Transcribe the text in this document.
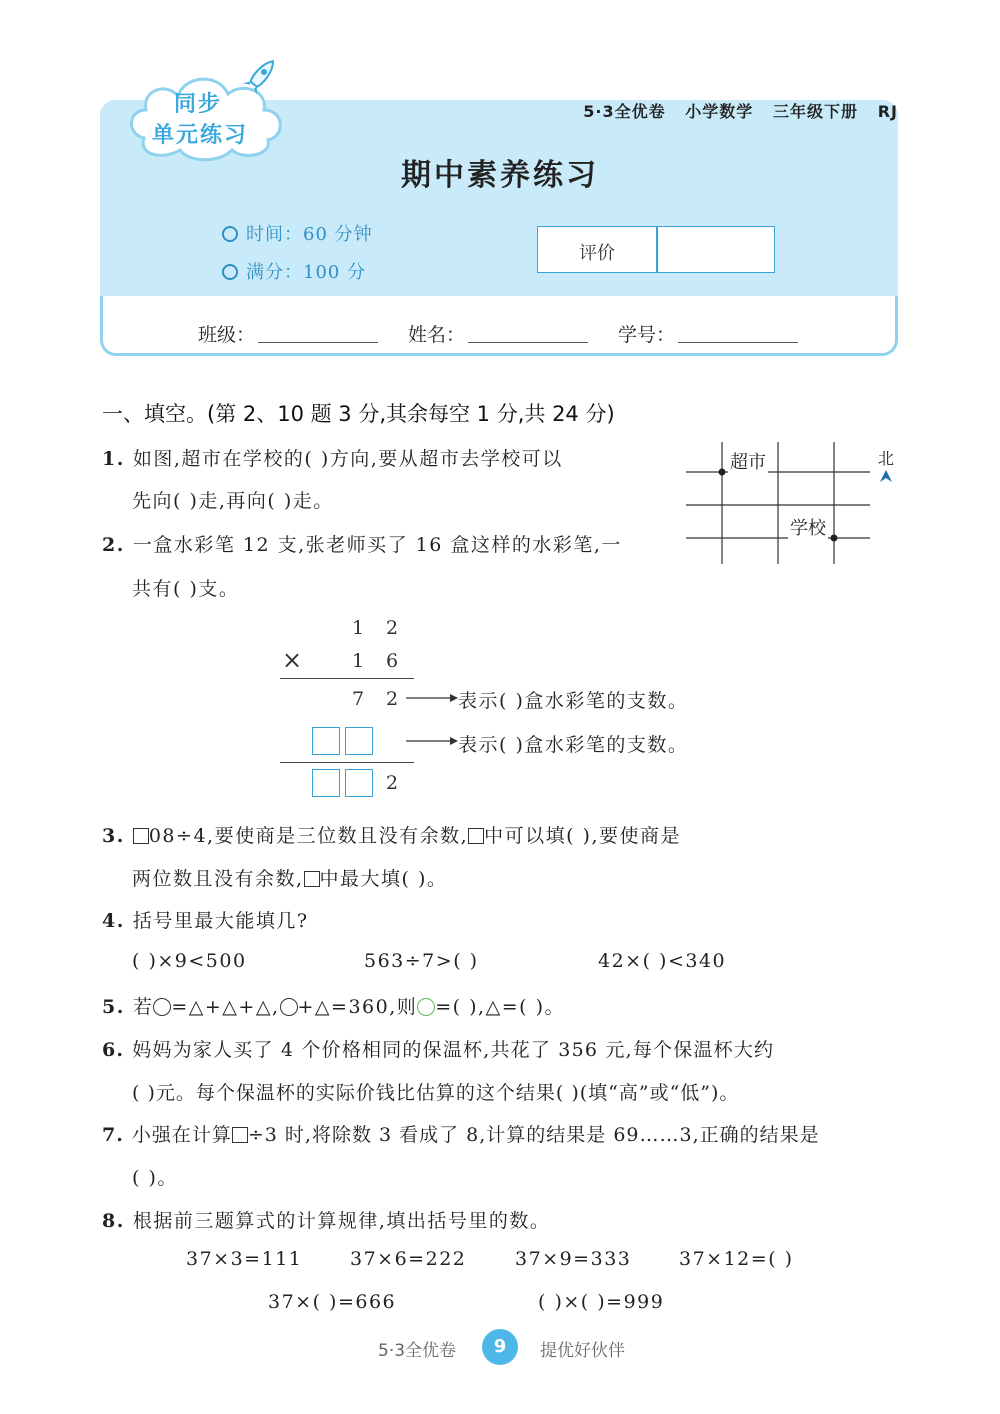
同步
单元练习
5·3全优卷   小学数学   三年级下册   RJ
期中素养练习
时间：60 分钟
满分：100 分
评价
班级：	姓名：	学号：
一、填空。(第 2、10 题 3 分,其余每空 1 分,共 24 分)
1. 如图,超市在学校的( )方向,要从超市去学校可以
先向( )走,再向( )走。
超市
学校
北
2. 一盒水彩笔 12 支,张老师买了 16 盒这样的水彩笔,一
共有( )支。
1 2
×	1 6
7 2	表示( )盒水彩笔的支数。
表示( )盒水彩笔的支数。
2
3. 08÷4,要使商是三位数且没有余数, 中可以填( ),要使商是
两位数且没有余数, 中最大填( )。
4. 括号里最大能填几?
( )×9<500	563÷7>( )	42×( )<340
5. 若 =△+△+△, +△=360,则 =( ),△=( )。
6. 妈妈为家人买了 4 个价格相同的保温杯,共花了 356 元,每个保温杯大约
( )元。每个保温杯的实际价钱比估算的这个结果( )(填“高”或“低”)。
7. 小强在计算 ÷3 时,将除数 3 看成了 8,计算的结果是 69……3,正确的结果是
( )。
8. 根据前三题算式的计算规律,填出括号里的数。
37×3=111	37×6=222	37×9=333	37×12=( )
37×( )=666	( )×( )=999
5·3全优卷	9	提优好伙伴
